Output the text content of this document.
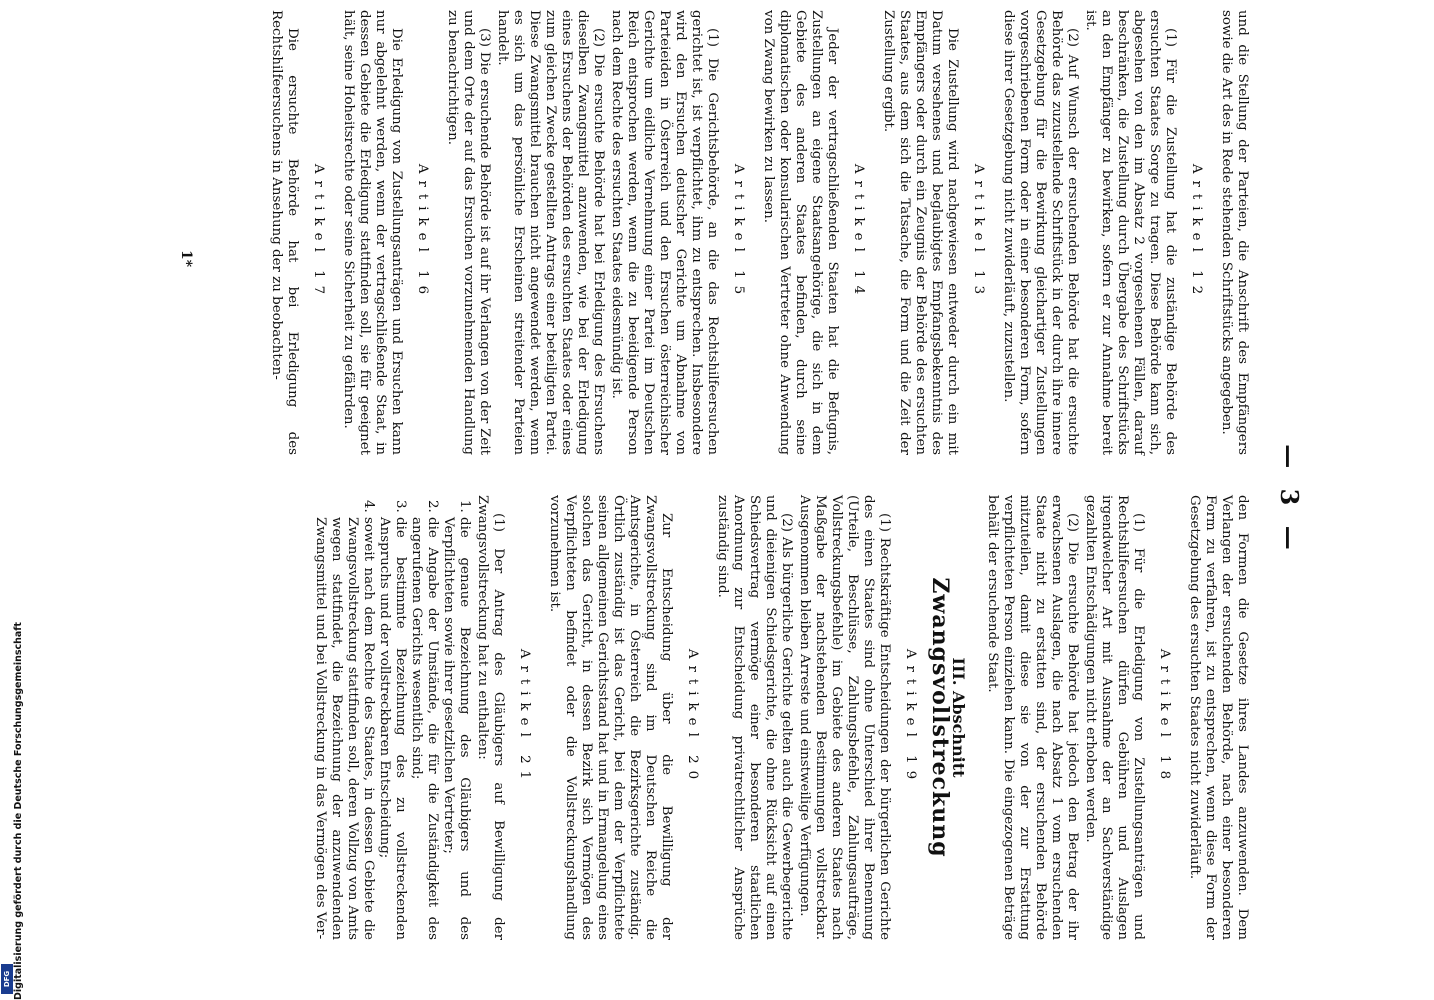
Digitalisierung gefördert durch die Deutsche Forschungsgemeinschaft
DFG
— 3 —

und die Stellung der Parteien, die Anschrift des Empfängers sowie die Art des in Rede stehenden Schriftstücks angegeben.

Artikel 12

(1) Für die Zustellung hat die zuständige Behörde des ersuchten Staates Sorge zu tragen. Diese Behörde kann sich, abgesehen von den im Absatz 2 vorgesehenen Fällen, darauf beschränken, die Zustellung durch Übergabe des Schriftstücks an den Empfänger zu bewirken, sofern er zur Annahme bereit ist.

(2) Auf Wunsch der ersuchenden Behörde hat die ersuchte Behörde das zuzustellende Schriftstück in der durch ihre innere Gesetzgebung für die Bewirkung gleichartiger Zustellungen vorgeschriebenen Form oder in einer besonderen Form, sofern diese ihrer Gesetzgebung nicht zuwiderläuft, zuzustellen.

Artikel 13

Die Zustellung wird nachgewiesen entweder durch ein mit Datum versehenes und beglaubigtes Empfangsbekenntnis des Empfängers oder durch ein Zeugnis der Behörde des ersuchten Staates, aus dem sich die Tatsache, die Form und die Zeit der Zustellung ergibt.

Artikel 14

Jeder der vertragschließenden Staaten hat die Befugnis, Zustellungen an eigene Staatsangehörige, die sich in dem Gebiete des anderen Staates befinden, durch seine diplomatischen oder konsularischen Vertreter ohne Anwendung von Zwang bewirken zu lassen.

Artikel 15

(1) Die Gerichtsbehörde, an die das Rechtshilfeersuchen gerichtet ist, ist verpflichtet, ihm zu entsprechen. Insbesondere wird den Ersuchen deutscher Gerichte um Abnahme von Parteieiden in Österreich und den Ersuchen österreichischer Gerichte um eidliche Vernehmung einer Partei im Deutschen Reich entsprochen werden, wenn die zu beeidigende Person nach dem Rechte des ersuchten Staates eidesmündig ist.

(2) Die ersuchte Behörde hat bei Erledigung des Ersuchens dieselben Zwangsmittel anzuwenden, wie bei der Erledigung eines Ersuchens der Behörden des ersuchten Staates oder eines zum gleichen Zwecke gestellten Antrags einer beteiligten Partei. Diese Zwangsmittel brauchen nicht angewendet werden, wenn es sich um das persönliche Erscheinen streitender Parteien handelt.

(3) Die ersuchende Behörde ist auf ihr Verlangen von der Zeit und dem Orte der auf das Ersuchen vorzunehmenden Handlung zu benachrichtigen.

Artikel 16

Die Erledigung von Zustellungsanträgen und Ersuchen kann nur abgelehnt werden, wenn der vertragschließende Staat, in dessen Gebiete die Erledigung stattfinden soll, sie für geeignet hält, seine Hoheitsrechte oder seine Sicherheit zu gefährden.

Artikel 17

Die ersuchte Behörde hat bei Erledigung des Rechtshilfeersuchens in Ansehung der zu beobachten-

den Formen die Gesetze ihres Landes anzuwenden. Dem Verlangen der ersuchenden Behörde, nach einer besonderen Form zu verfahren, ist zu entsprechen, wenn diese Form der Gesetzgebung des ersuchten Staates nicht zuwiderläuft.

Artikel 18

(1) Für die Erledigung von Zustellungsanträgen und Rechtshilfeersuchen dürfen Gebühren und Auslagen irgendwelcher Art mit Ausnahme der an Sachverständige gezahlten Entschädigungen nicht erhoben werden.

(2) Die ersuchte Behörde hat jedoch den Betrag der ihr erwachsenen Auslagen, die nach Absatz 1 vom ersuchenden Staate nicht zu erstatten sind, der ersuchenden Behörde mitzuteilen, damit diese sie von der zur Erstattung verpflichteten Person einziehen kann. Die eingezogenen Beträge behält der ersuchende Staat.

III. Abschnitt
Zwangsvollstreckung
Artikel 19

(1) Rechtskräftige Entscheidungen der bürgerlichen Gerichte des einen Staates sind ohne Unterschied ihrer Benennung (Urteile, Beschlüsse, Zahlungsbefehle, Zahlungsaufträge, Vollstreckungsbefehle) im Gebiete des anderen Staates nach Maßgabe der nachstehenden Bestimmungen vollstreckbar. Ausgenommen bleiben Arreste und einstweilige Verfügungen.

(2) Als bürgerliche Gerichte gelten auch die Gewerbegerichte und dieienigen Schiedsgerichte, die ohne Rücksicht auf einen Schiedsvertrag vermöge einer besonderen staatlichen Anordnung zur Entscheidung privatrechtlicher Ansprüche zuständig sind.

Artikel 20

Zur Entscheidung über die Bewilligung der Zwangsvollstreckung sind im Deutschen Reiche die Amtsgerichte, in Österreich die Bezirksgerichte zuständig. Örtlich zuständig ist das Gericht, bei dem der Verpflichtete seinen allgemeinen Gerichtsstand hat und in Ermangelung eines solchen das Gericht, in dessen Bezirk sich Vermögen des Verpflichteten befindet oder die Vollstreckungshandlung vorzunehmen ist.

Artikel 21

(1) Der Antrag des Gläubigers auf Bewilligung der Zwangsvollstreckung hat zu enthalten:

1. die genaue Bezeichnung des Gläubigers und des Verpflichteten sowie ihrer gesetzlichen Vertreter;
2. die Angabe der Umstände, die für die Zuständigkeit des angerufenen Gerichts wesentlich sind;
3. die bestimmte Bezeichnung des zu vollstreckenden Anspruchs und der vollstreckbaren Entscheidung;
4. soweit nach dem Rechte des Staates, in dessen Gebiete die Zwangsvollstreckung stattfinden soll, deren Vollzug von Amts wegen stattfindet, die Bezeichnung der anzuwendenden Zwangsmittel und bei Vollstreckung in das Vermögen des Ver-
1*
